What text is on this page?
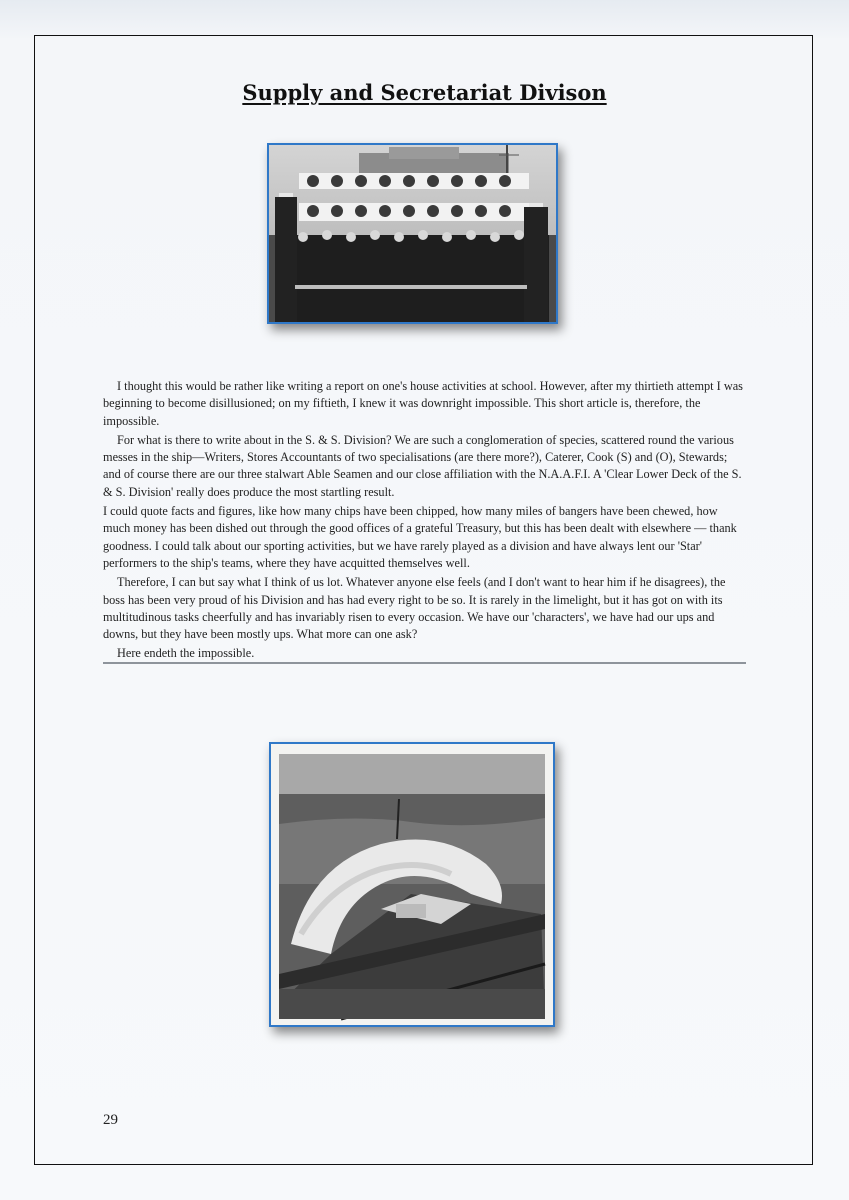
Supply and Secretariat Divison

I thought this would be rather like writing a report on one's house activities at school. However, after my thirtieth attempt I was beginning to become disillusioned; on my fiftieth, I knew it was downright impossible. This short article is, therefore, the impossible.

For what is there to write about in the S. & S. Division? We are such a conglomeration of species, scattered round the various messes in the ship—Writers, Stores Accountants of two specialisations (are there more?), Caterer, Cook (S) and (O), Stewards; and of course there are our three stalwart Able Seamen and our close affiliation with the N.A.A.F.I. A 'Clear Lower Deck of the S. & S. Division' really does produce the most startling result.

I could quote facts and figures, like how many chips have been chipped, how many miles of bangers have been chewed, how much money has been dished out through the good offices of a grateful Treasury, but this has been dealt with elsewhere — thank goodness. I could talk about our sporting activities, but we have rarely played as a division and have always lent our 'Star' performers to the ship's teams, where they have acquitted themselves well.

Therefore, I can but say what I think of us lot. Whatever anyone else feels (and I don't want to hear him if he disagrees), the boss has been very proud of his Division and has had every right to be so. It is rarely in the limelight, but it has got on with its multitudinous tasks cheerfully and has invariably risen to every occasion. We have our 'characters', we have had our ups and downs, but they have been mostly ups. What more can one ask?

Here endeth the impossible.

29
